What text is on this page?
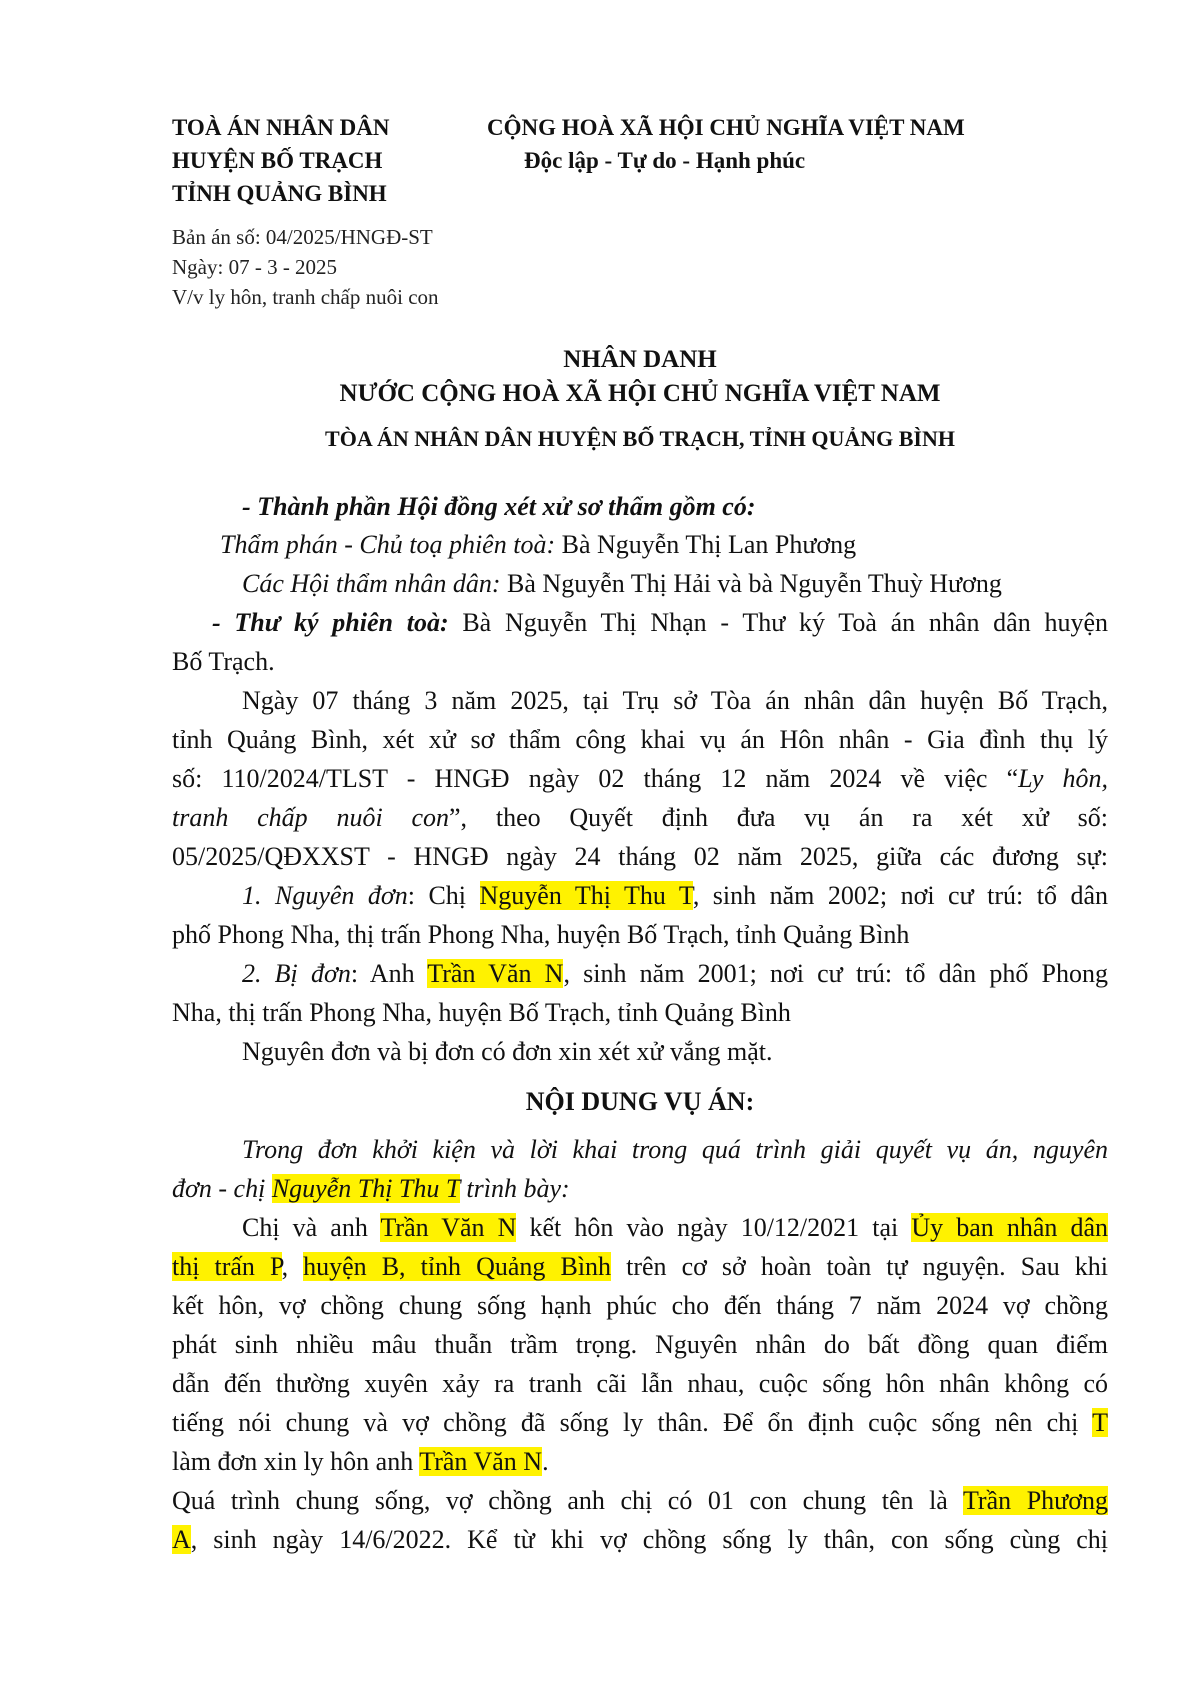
TOÀ ÁN NHÂN DÂN
HUYỆN BỐ TRẠCH
TỈNH QUẢNG BÌNH
CỘNG HOÀ XÃ HỘI CHỦ NGHĨA VIỆT NAM
Độc lập - Tự do - Hạnh phúc
Bản án số: 04/2025/HNGĐ-ST
Ngày: 07 - 3 - 2025
V/v ly hôn, tranh chấp nuôi con
NHÂN DANH
NƯỚC CỘNG HOÀ XÃ HỘI CHỦ NGHĨA VIỆT NAM
TÒA ÁN NHÂN DÂN HUYỆN BỐ TRẠCH, TỈNH QUẢNG BÌNH
- Thành phần Hội đồng xét xử sơ thẩm gồm có:
Thẩm phán - Chủ toạ phiên toà: Bà Nguyễn Thị Lan Phương
Các Hội thẩm nhân dân: Bà Nguyễn Thị Hải và bà Nguyễn Thuỳ Hương
- Thư ký phiên toà: Bà Nguyễn Thị Nhạn - Thư ký Toà án nhân dân huyện
Bố Trạch.
Ngày 07 tháng 3 năm 2025, tại Trụ sở Tòa án nhân dân huyện Bố Trạch,
tỉnh Quảng Bình, xét xử sơ thẩm công khai vụ án Hôn nhân - Gia đình thụ lý
số: 110/2024/TLST - HNGĐ ngày 02 tháng 12 năm 2024 về việc “Ly hôn,
tranh chấp nuôi con”, theo Quyết định đưa vụ án ra xét xử số:
05/2025/QĐXXST - HNGĐ ngày 24 tháng 02 năm 2025, giữa các đương sự:
1. Nguyên đơn: Chị Nguyễn Thị Thu T, sinh năm 2002; nơi cư trú: tổ dân
phố Phong Nha, thị trấn Phong Nha, huyện Bố Trạch, tỉnh Quảng Bình
2. Bị đơn: Anh Trần Văn N, sinh năm 2001; nơi cư trú: tổ dân phố Phong
Nha, thị trấn Phong Nha, huyện Bố Trạch, tỉnh Quảng Bình
Nguyên đơn và bị đơn có đơn xin xét xử vắng mặt.
NỘI DUNG VỤ ÁN:
Trong đơn khởi kiện và lời khai trong quá trình giải quyết vụ án, nguyên
đơn - chị Nguyễn Thị Thu T trình bày:
Chị và anh Trần Văn N kết hôn vào ngày 10/12/2021 tại Ủy ban nhân dân
thị trấn P, huyện B, tỉnh Quảng Bình trên cơ sở hoàn toàn tự nguyện. Sau khi
kết hôn, vợ chồng chung sống hạnh phúc cho đến tháng 7 năm 2024 vợ chồng
phát sinh nhiều mâu thuẫn trầm trọng. Nguyên nhân do bất đồng quan điểm
dẫn đến thường xuyên xảy ra tranh cãi lẫn nhau, cuộc sống hôn nhân không có
tiếng nói chung và vợ chồng đã sống ly thân. Để ổn định cuộc sống nên chị T
làm đơn xin ly hôn anh Trần Văn N.
Quá trình chung sống, vợ chồng anh chị có 01 con chung tên là Trần Phương
A, sinh ngày 14/6/2022. Kể từ khi vợ chồng sống ly thân, con sống cùng chị
